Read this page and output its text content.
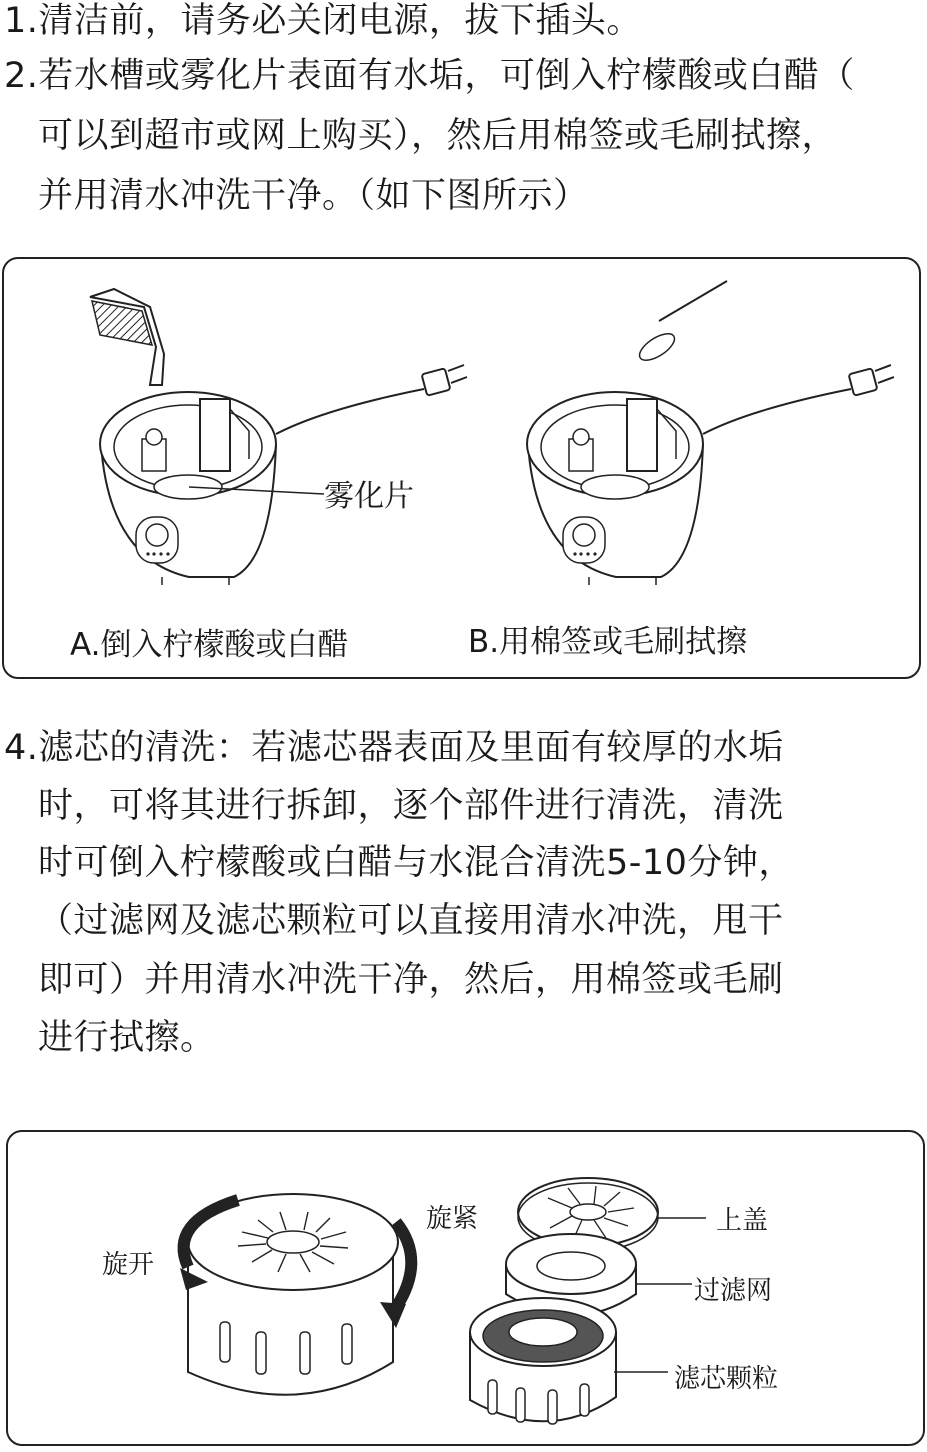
1.清洁前，请务必关闭电源，拔下插头。
2.若水槽或雾化片表面有水垢，可倒入柠檬酸或白醋（
可以到超市或网上购买），然后用棉签或毛刷拭擦，
并用清水冲洗干净。（如下图所示）
雾化片
A.倒入柠檬酸或白醋	B.用棉签或毛刷拭擦
4.滤芯的清洗：若滤芯器表面及里面有较厚的水垢
时，可将其进行拆卸，逐个部件进行清洗，清洗
时可倒入柠檬酸或白醋与水混合清洗5-10分钟，
（过滤网及滤芯颗粒可以直接用清水冲洗，甩干
即可）并用清水冲洗干净，然后，用棉签或毛刷
进行拭擦。
旋开
旋紧	上盖
过滤网
滤芯颗粒
